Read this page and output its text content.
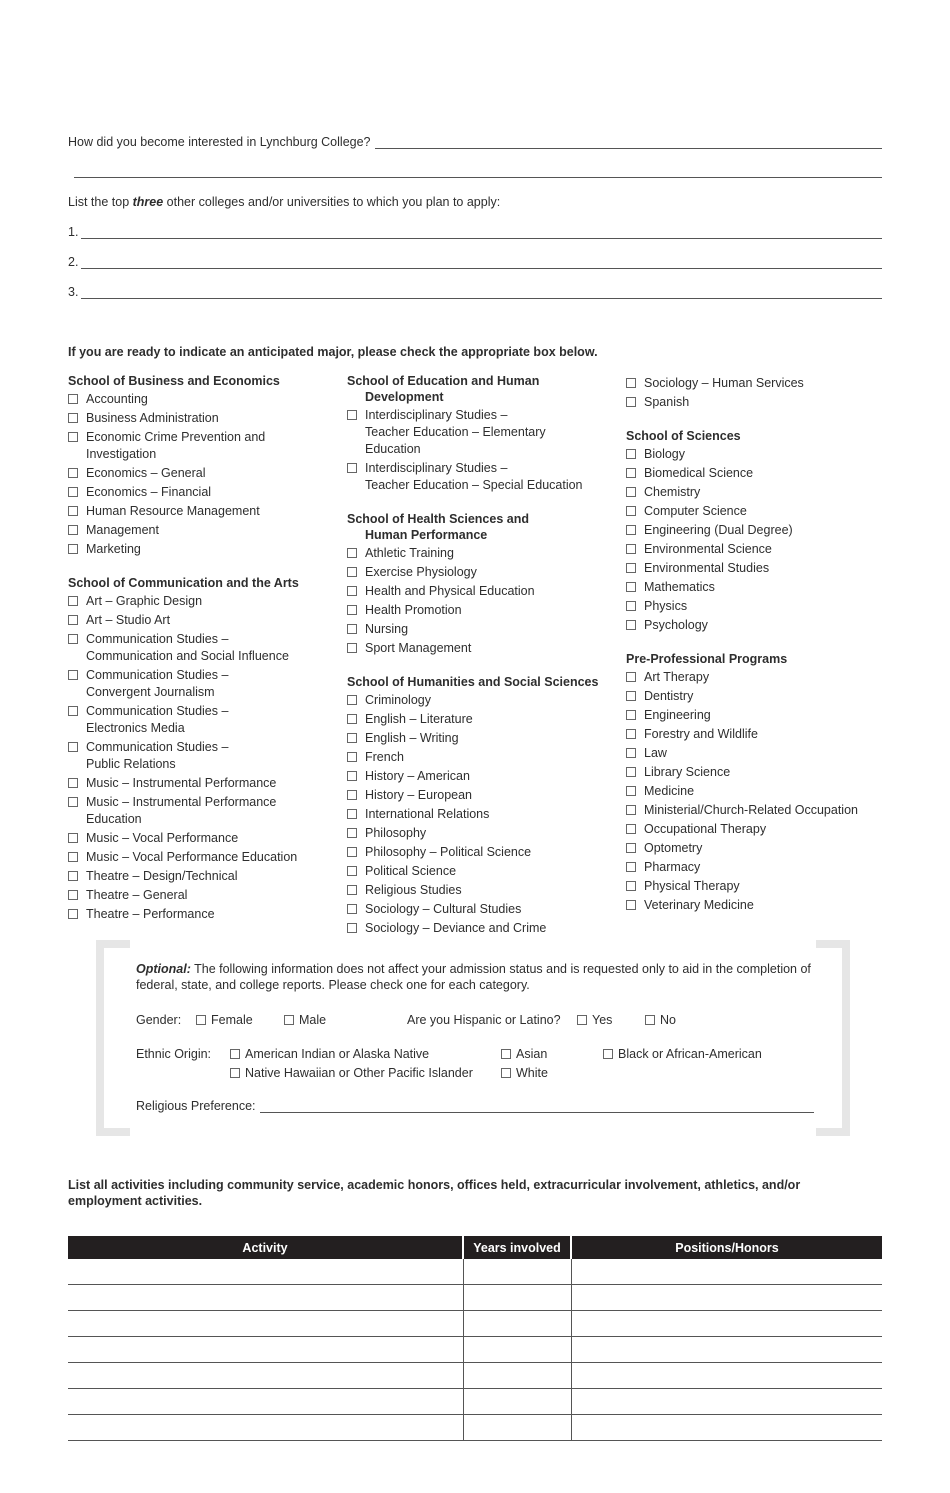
How did you become interested in Lynchburg College?
List the top three other colleges and/or universities to which you plan to apply:
1.
2.
3.
If you are ready to indicate an anticipated major, please check the appropriate box below.
School of Business and Economics
Accounting
Business Administration
Economic Crime Prevention and
Investigation
Economics – General
Economics – Financial
Human Resource Management
Management
Marketing
School of Communication and the Arts
Art – Graphic Design
Art – Studio Art
Communication Studies –
Communication and Social Influence
Communication Studies –
Convergent Journalism
Communication Studies –
Electronics Media
Communication Studies –
Public Relations
Music – Instrumental Performance
Music – Instrumental Performance
Education
Music – Vocal Performance
Music – Vocal Performance Education
Theatre – Design/Technical
Theatre – General
Theatre – Performance
School of Education and Human
Development
Interdisciplinary Studies –
Teacher Education – Elementary
Education
Interdisciplinary Studies –
Teacher Education – Special Education
School of Health Sciences and
Human Performance
Athletic Training
Exercise Physiology
Health and Physical Education
Health Promotion
Nursing
Sport Management
School of Humanities and Social Sciences
Criminology
English – Literature
English – Writing
French
History – American
History – European
International Relations
Philosophy
Philosophy – Political Science
Political Science
Religious Studies
Sociology – Cultural Studies
Sociology – Deviance and Crime
Sociology – Human Services
Spanish
School of Sciences
Biology
Biomedical Science
Chemistry
Computer Science
Engineering (Dual Degree)
Environmental Science
Environmental Studies
Mathematics
Physics
Psychology
Pre-Professional Programs
Art Therapy
Dentistry
Engineering
Forestry and Wildlife
Law
Library Science
Medicine
Ministerial/Church-Related Occupation
Occupational Therapy
Optometry
Pharmacy
Physical Therapy
Veterinary Medicine
Optional: The following information does not affect your admission status and is requested only to aid in the completion of federal, state, and college reports. Please check one for each category.
Gender: Female	Male	Are you Hispanic or Latino?	Yes	No
Ethnic Origin:	American Indian or Alaska Native	Asian	Black or African-American
Native Hawaiian or Other Pacific Islander	White
Religious Preference:
List all activities including community service, academic honors, offices held, extracurricular involvement, athletics, and/or employment activities.
Activity	Years involved	Positions/Honors
